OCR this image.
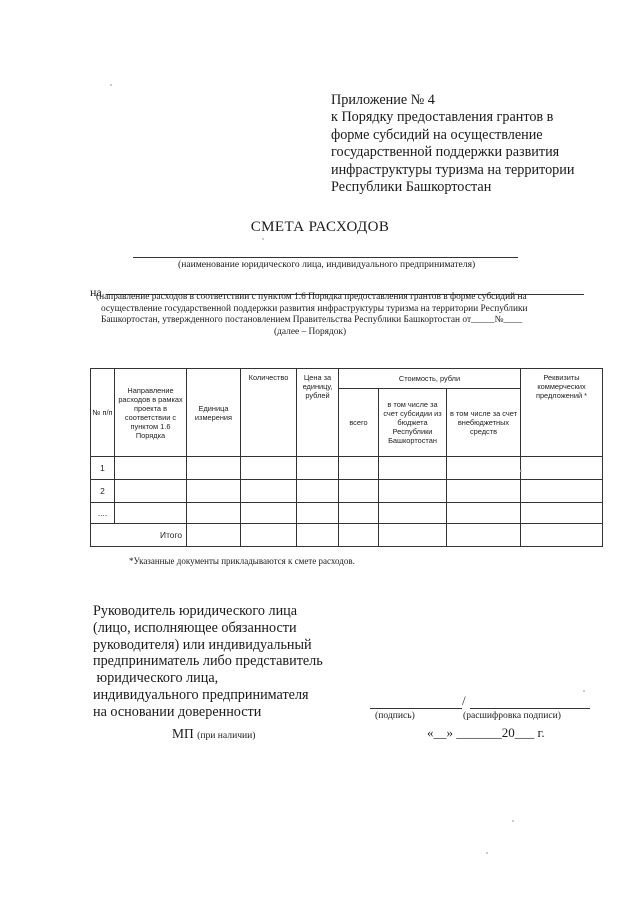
Приложение № 4
к Порядку предоставления грантов в
форме субсидий на осуществление
государственной поддержки развития
инфраструктуры туризма на территории
Республики Башкортостан
СМЕТА РАСХОДОВ
(наименование юридического лица, индивидуального предпринимателя)
на
(направление расходов в соответствии с пунктом 1.6 Порядка предоставления грантов в форме субсидий на
осуществление государственной поддержки развития инфраструктуры туризма на территории Республики
Башкортостан, утвержденного постановлением Правительства Республики Башкортостан от_____№____
(далее – Порядок)
№ п/п	Направление расходов в рамках проекта в соответствии с пунктом 1.6 Порядка	Единица измерения	Количество	Цена за единицу, рублей	Стоимость, рубли			Реквизиты коммерческих предложений *
					всего	в том числе за счет субсидии из бюджета Республики Башкортостан	в том числе за счет внебюджетных средств	
1								
2								
....								
Итого								
*Указанные документы прикладываются к смете расходов.
Руководитель юридического лица
(лицо, исполняющее обязанности
руководителя) или индивидуальный
предприниматель либо представитель
юридического лица,
индивидуального предпринимателя
на основании доверенности
/
(подпись)	(расшифровка подписи)
МП (при наличии)	«__» _______20___ г.
